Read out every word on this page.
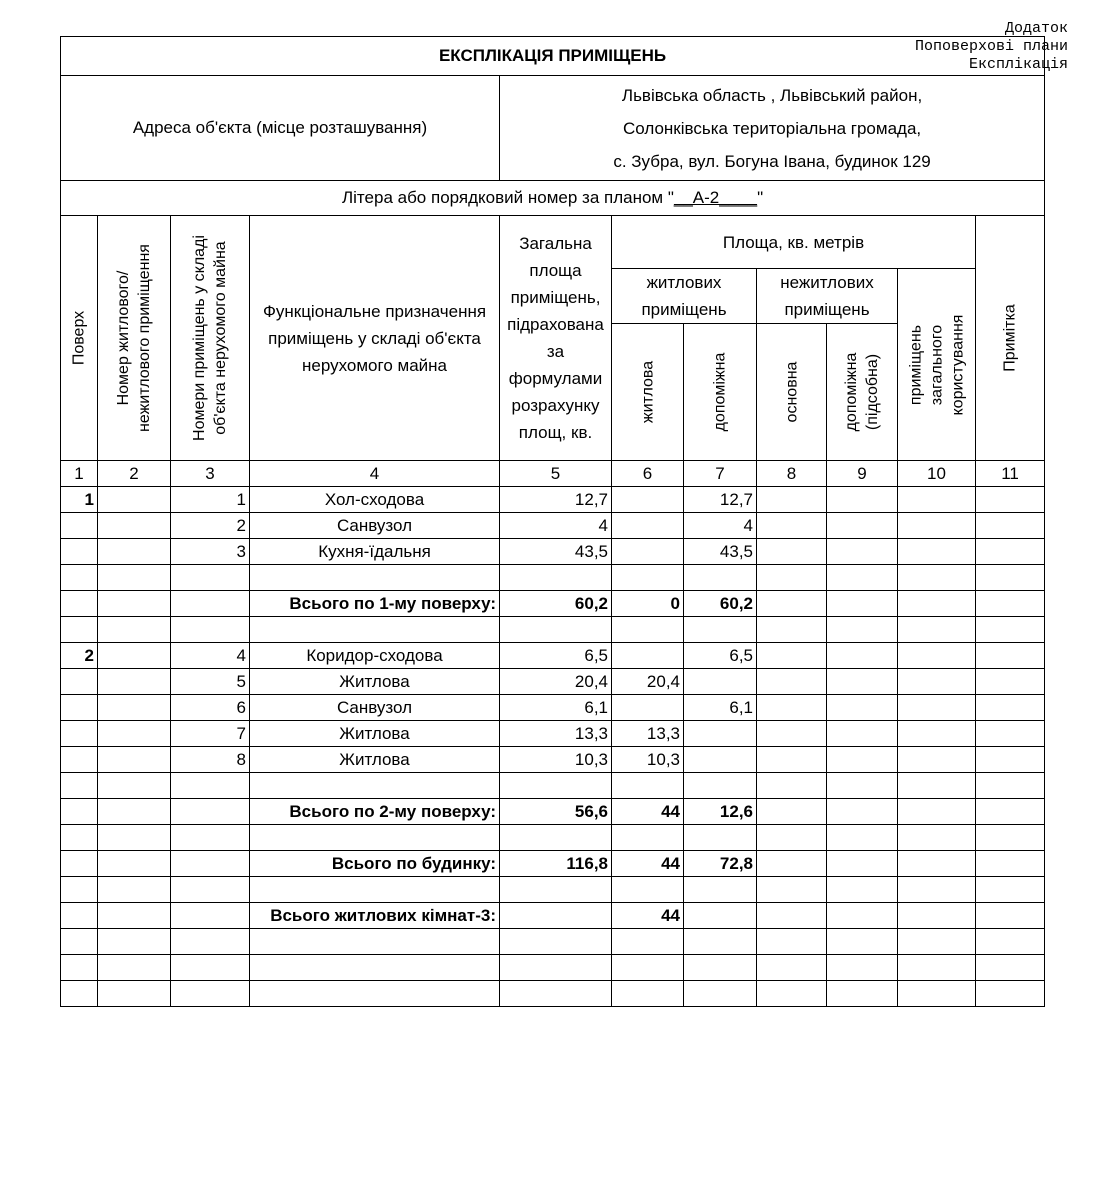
Додаток
Поповерхові плани
Експлікація
ЕКСПЛІКАЦІЯ ПРИМІЩЕНЬ										
Адреса об'єкта (місце розташування)				Львівська область , Львівський район,
Солонківська територіальна громада,
с. Зубра, вул. Богуна Івана, будинок 129						

Літера або порядковий номер за планом "__А-2____"										

Поверх	Номер житлового/нежитлового приміщення	Номери приміщень у складі об'єкта нерухомого майна	Функціональне призначення приміщень у складі об'єкта нерухомого майна	Загальна площа приміщень, підрахована за формулами розрахунку площ, кв.	Площа, кв. метрів					Примітка

					житлових приміщень		нежитлових приміщень		приміщень загального користування	

					житлова	допоміжна	основна	допоміжна (підсобна)		

1	2	3	4	5	6	7	8	9	10	11
1		1	Хол-сходова	12,7		12,7				
		2	Санвузол	4		4				
		3	Кухня-їдальня	43,5		43,5				

			Всього по 1-му поверху:	60,2	0	60,2				

2		4	Коридор-сходова	6,5		6,5				
		5	Житлова	20,4	20,4					
		6	Санвузол	6,1		6,1				
		7	Житлова	13,3	13,3					
		8	Житлова	10,3	10,3					

			Всього по 2-му поверху:	56,6	44	12,6				

			Всього по будинку:	116,8	44	72,8				

			Всього житлових кімнат-3:		44					
